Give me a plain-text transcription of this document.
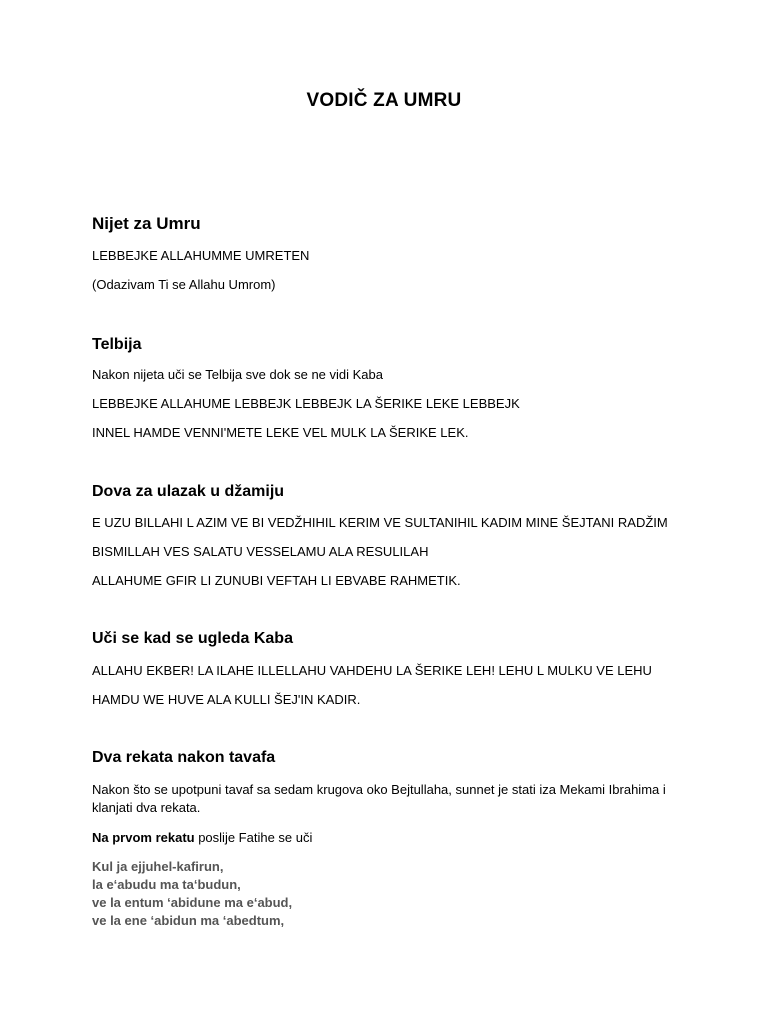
VODIČ ZA UMRU
Nijet za Umru
LEBBEJKE ALLAHUMME UMRETEN
(Odazivam Ti se Allahu Umrom)
Telbija
Nakon nijeta uči se Telbija sve dok se ne vidi Kaba
LEBBEJKE ALLAHUME LEBBEJK LEBBEJK LA ŠERIKE LEKE LEBBEJK
INNEL HAMDE VENNI'METE LEKE VEL MULK LA ŠERIKE LEK.
Dova za ulazak u džamiju
E UZU BILLAHI L AZIM VE BI VEDŽHIHIL KERIM VE SULTANIHIL KADIM MINE ŠEJTANI RADŽIM
BISMILLAH VES SALATU VESSELAMU ALA RESULILAH
ALLAHUME GFIR LI ZUNUBI VEFTAH LI EBVABE RAHMETIK.
Uči se kad se ugleda Kaba
ALLAHU EKBER! LA ILAHE ILLELLAHU VAHDEHU LA ŠERIKE LEH! LEHU L MULKU VE LEHU
HAMDU WE HUVE ALA KULLI ŠEJ'IN KADIR.
Dva rekata nakon tavafa
Nakon što se upotpuni tavaf sa sedam krugova oko Bejtullaha, sunnet je stati iza Mekami Ibrahima i klanjati dva rekata.
Na prvom rekatu poslije Fatihe se uči
Kul ja ejjuhel-kafirun,
la e‘abudu ma ta‘budun,
ve la entum ‘abidune ma e‘abud,
ve la ene ‘abidun ma ‘abedtum,
